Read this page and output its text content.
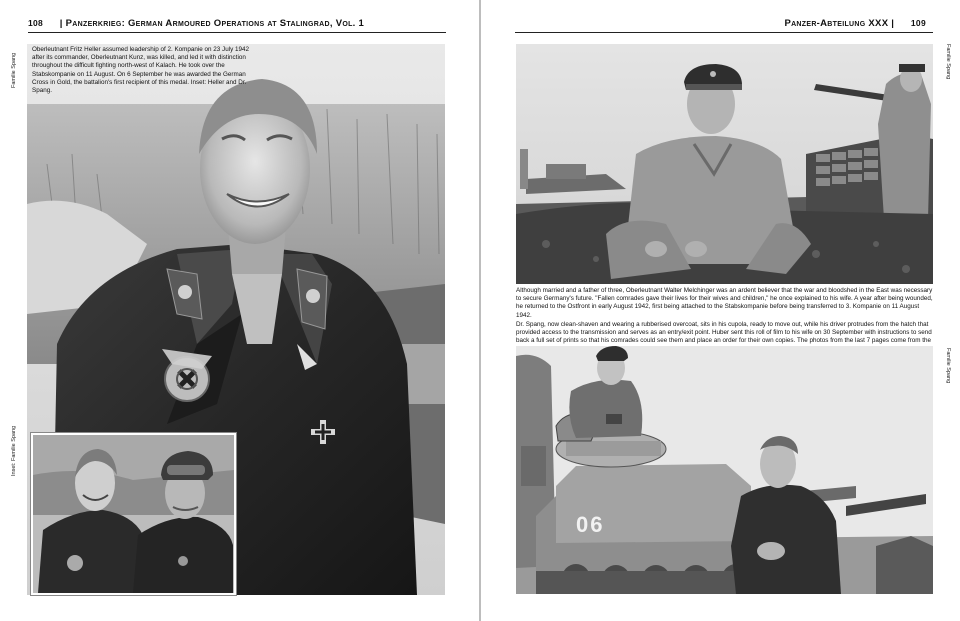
108 | Panzerkrieg: German Armoured Operations at Stalingrad, Vol. 1
Oberleutnant Fritz Heller assumed leadership of 2. Kompanie on 23 July 1942 after its commander, Oberleutnant Kunz, was killed, and led it with distinction throughout the difficult fighting north-west of Kalach. He took over the Stabskompanie on 11 August. On 6 September he was awarded the German Cross in Gold, the battalion's first recipient of this medal. Inset: Heller and Dr. Spang.
Familie Spang
Inset: Familie Spang
Panzer-Abteilung XXX | 109
Although married and a father of three, Oberleutnant Walter Melchinger was an ardent believer that the war and bloodshed in the East was necessary to secure Germany's future. "Fallen comrades gave their lives for their wives and children," he once explained to his wife. A year after being wounded, he returned to the Ostfront in early August 1942, first being attached to the Stabskompanie before being transferred to 3. Kompanie on 11 August 1942.
Dr. Spang, now clean-shaven and wearing a rubberised overcoat, sits in his cupola, ready to move out, while his driver protrudes from the hatch that provided access to the transmission and serves as an entry/exit point. Huber sent this roll of film to his wife on 30 September with instructions to send back a full set of prints so that his comrades could see them and place an order for their own copies. The photos from the last 7 pages come from the
06
Familie Spang
Familie Spang
